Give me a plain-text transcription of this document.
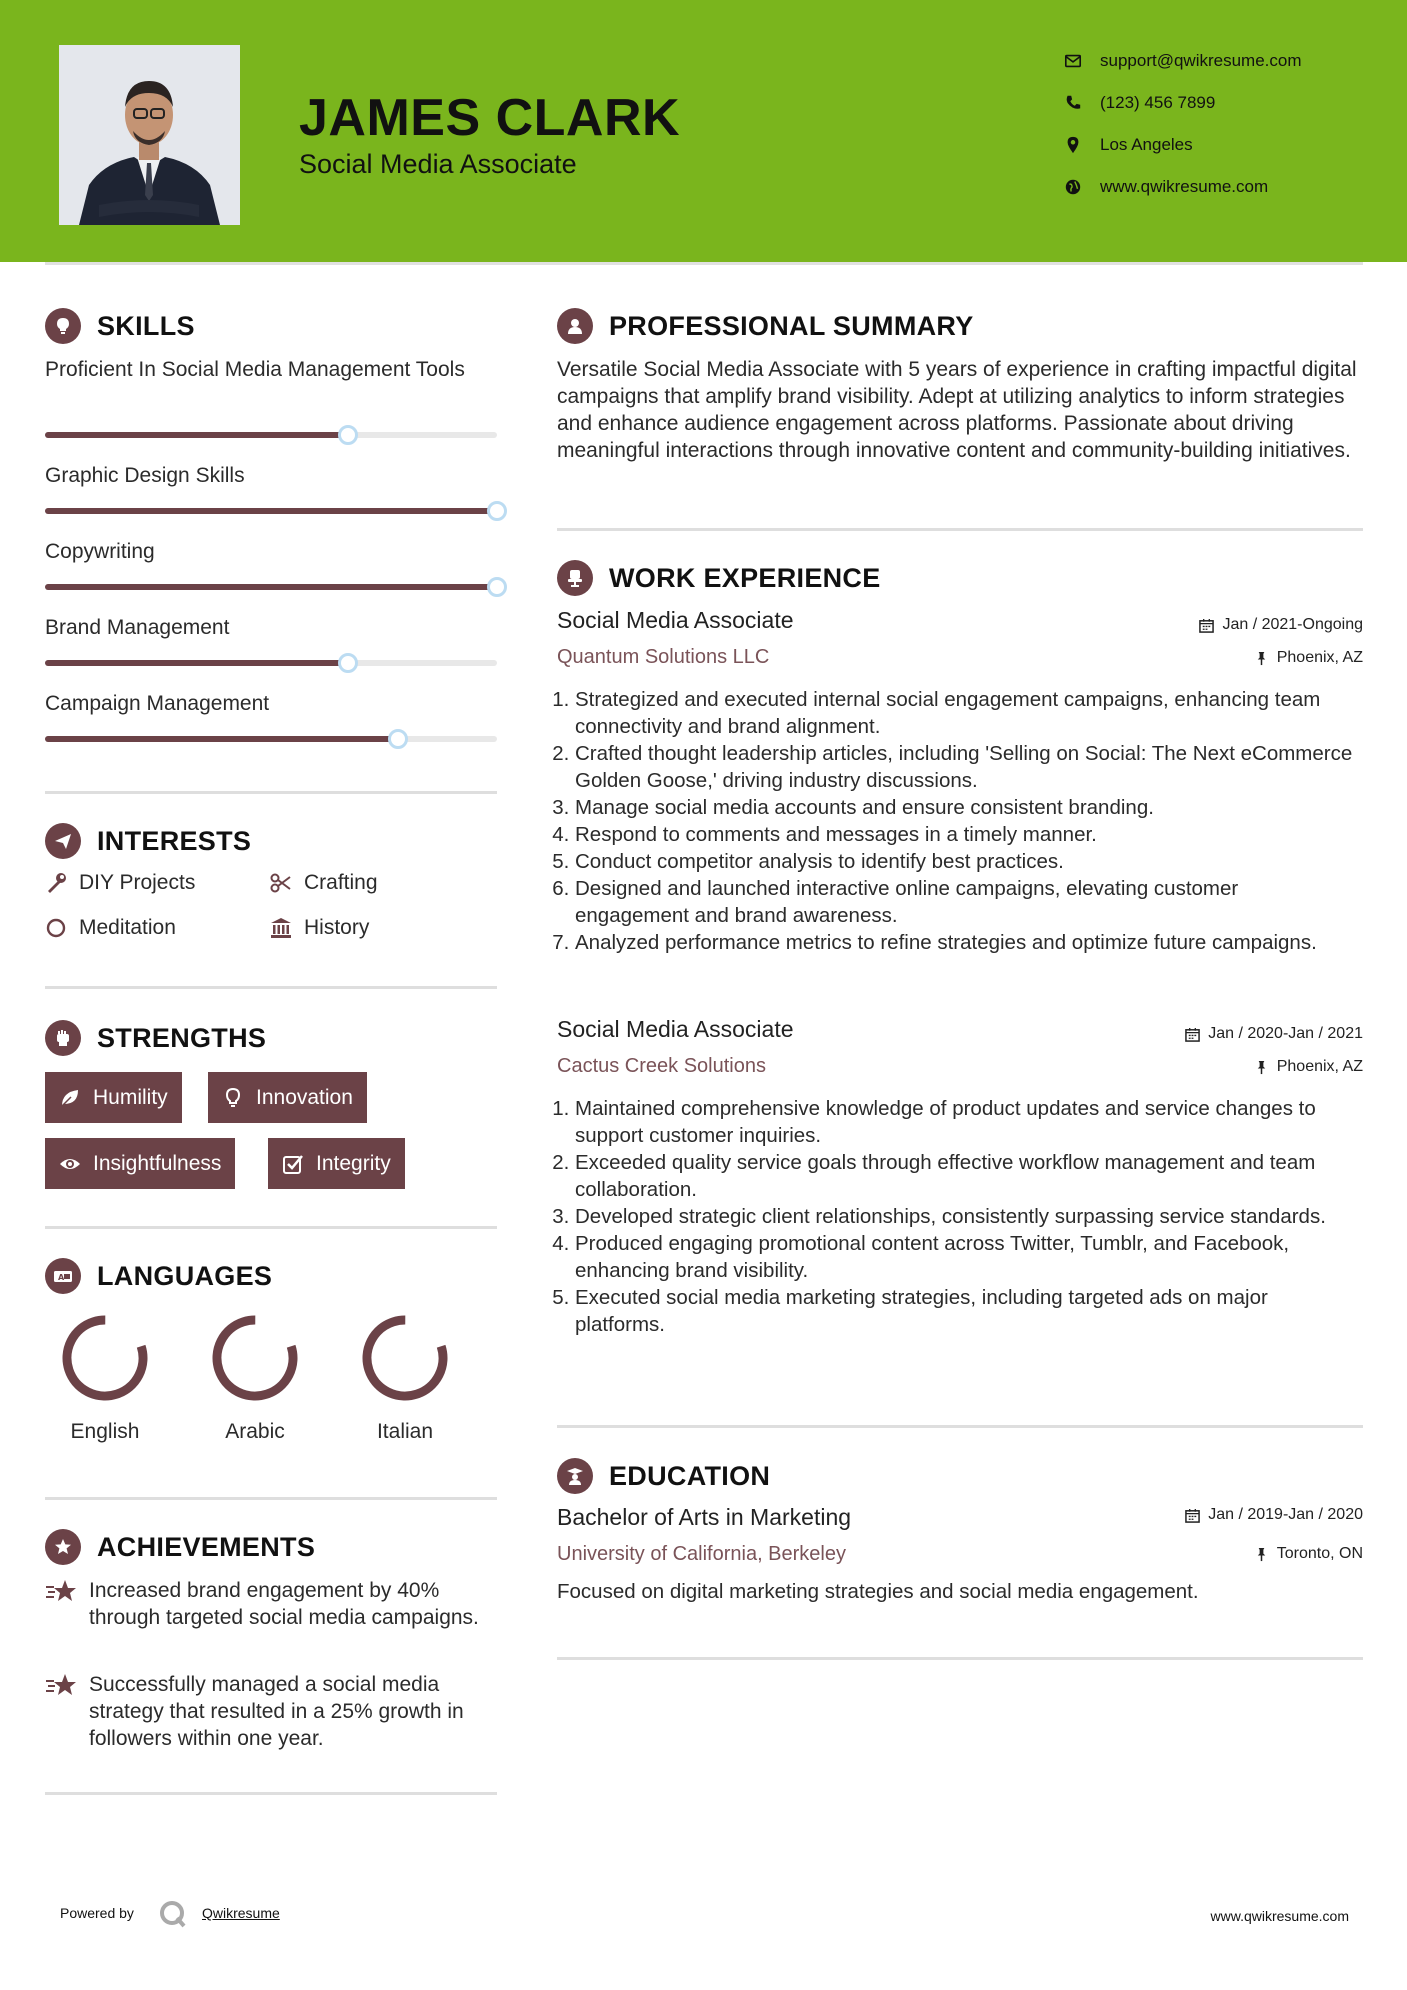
JAMES CLARK
Social Media Associate
support@qwikresume.com
(123) 456 7899
Los Angeles
www.qwikresume.com
SKILLS
Proficient In Social Media Management Tools
Graphic Design Skills
Copywriting
Brand Management
Campaign Management
INTERESTS
DIY Projects	Crafting
Meditation	History
STRENGTHS
Humility	Innovation
Insightfulness	Integrity
A LANGUAGES
English	Arabic	Italian
ACHIEVEMENTS
Increased brand engagement by 40% through targeted social media campaigns.
Successfully managed a social media strategy that resulted in a 25% growth in followers within one year.
PROFESSIONAL SUMMARY
Versatile Social Media Associate with 5 years of experience in crafting impactful digital campaigns that amplify brand visibility. Adept at utilizing analytics to inform strategies and enhance audience engagement across platforms. Passionate about driving meaningful interactions through innovative content and community-building initiatives.
WORK EXPERIENCE
Social Media Associate	Jan / 2021-Ongoing
Quantum Solutions LLC	Phoenix, AZ
1. Strategized and executed internal social engagement campaigns, enhancing team connectivity and brand alignment.
2. Crafted thought leadership articles, including 'Selling on Social: The Next eCommerce Golden Goose,' driving industry discussions.
3. Manage social media accounts and ensure consistent branding.
4. Respond to comments and messages in a timely manner.
5. Conduct competitor analysis to identify best practices.
6. Designed and launched interactive online campaigns, elevating customer engagement and brand awareness.
7. Analyzed performance metrics to refine strategies and optimize future campaigns.
Social Media Associate	Jan / 2020-Jan / 2021
Cactus Creek Solutions	Phoenix, AZ
1. Maintained comprehensive knowledge of product updates and service changes to support customer inquiries.
2. Exceeded quality service goals through effective workflow management and team collaboration.
3. Developed strategic client relationships, consistently surpassing service standards.
4. Produced engaging promotional content across Twitter, Tumblr, and Facebook, enhancing brand visibility.
5. Executed social media marketing strategies, including targeted ads on major platforms.
EDUCATION
Bachelor of Arts in Marketing	Jan / 2019-Jan / 2020
University of California, Berkeley	Toronto, ON
Focused on digital marketing strategies and social media engagement.
Powered by	Qwikresume	www.qwikresume.com
